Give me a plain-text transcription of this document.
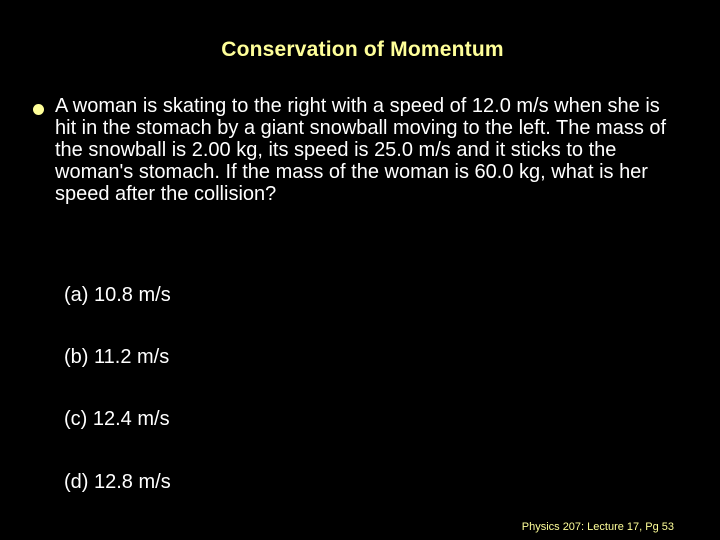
Conservation of Momentum
A woman is skating to the right with a speed of 12.0 m/s when she is hit in the stomach by a giant snowball moving to the left. The mass of the snowball is 2.00 kg, its speed is 25.0 m/s and it sticks to the woman's stomach. If the mass of the woman is 60.0 kg, what is her speed after the collision?
(a) 10.8 m/s
(b) 11.2 m/s
(c) 12.4 m/s
(d) 12.8 m/s
Physics 207: Lecture 17, Pg 53
